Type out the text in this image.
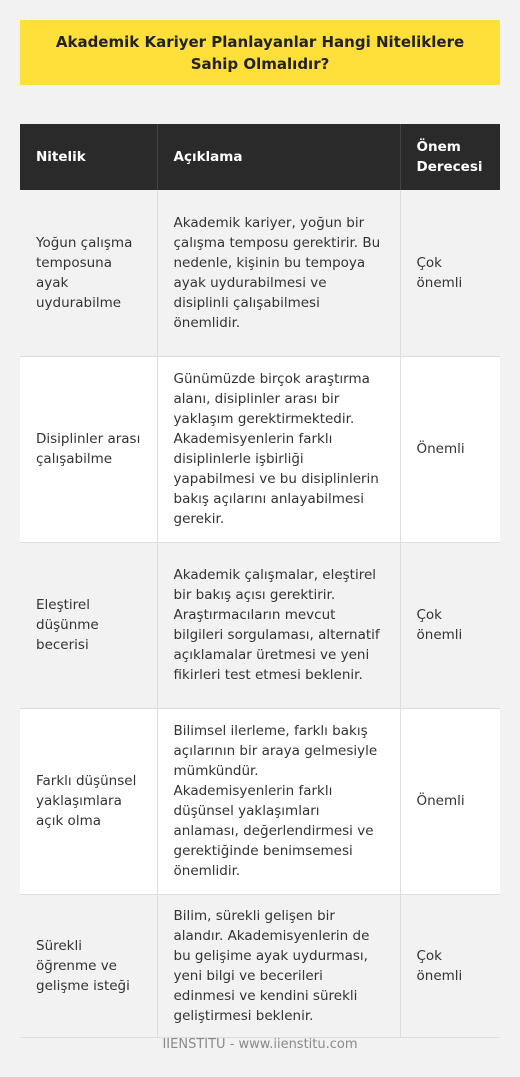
Akademik Kariyer Planlayanlar Hangi Niteliklere Sahip Olmalıdır?
Nitelik	Açıklama	Önem Derecesi
Yoğun çalışma temposuna ayak uydurabilme	Akademik kariyer, yoğun bir çalışma temposu gerektirir. Bu nedenle, kişinin bu tempoya ayak uydurabilmesi ve disiplinli çalışabilmesi önemlidir.	Çok önemli
Disiplinler arası çalışabilme	Günümüzde birçok araştırma alanı, disiplinler arası bir yaklaşım gerektirmektedir. Akademisyenlerin farklı disiplinlerle işbirliği yapabilmesi ve bu disiplinlerin bakış açılarını anlayabilmesi gerekir.	Önemli
Eleştirel düşünme becerisi	Akademik çalışmalar, eleştirel bir bakış açısı gerektirir. Araştırmacıların mevcut bilgileri sorgulaması, alternatif açıklamalar üretmesi ve yeni fikirleri test etmesi beklenir.	Çok önemli
Farklı düşünsel yaklaşımlara açık olma	Bilimsel ilerleme, farklı bakış açılarının bir araya gelmesiyle mümkündür. Akademisyenlerin farklı düşünsel yaklaşımları anlaması, değerlendirmesi ve gerektiğinde benimsemesi önemlidir.	Önemli
Sürekli öğrenme ve gelişme isteği	Bilim, sürekli gelişen bir alandır. Akademisyenlerin de bu gelişime ayak uydurması, yeni bilgi ve becerileri edinmesi ve kendini sürekli geliştirmesi beklenir.	Çok önemli
IIENSTITU - www.iienstitu.com
